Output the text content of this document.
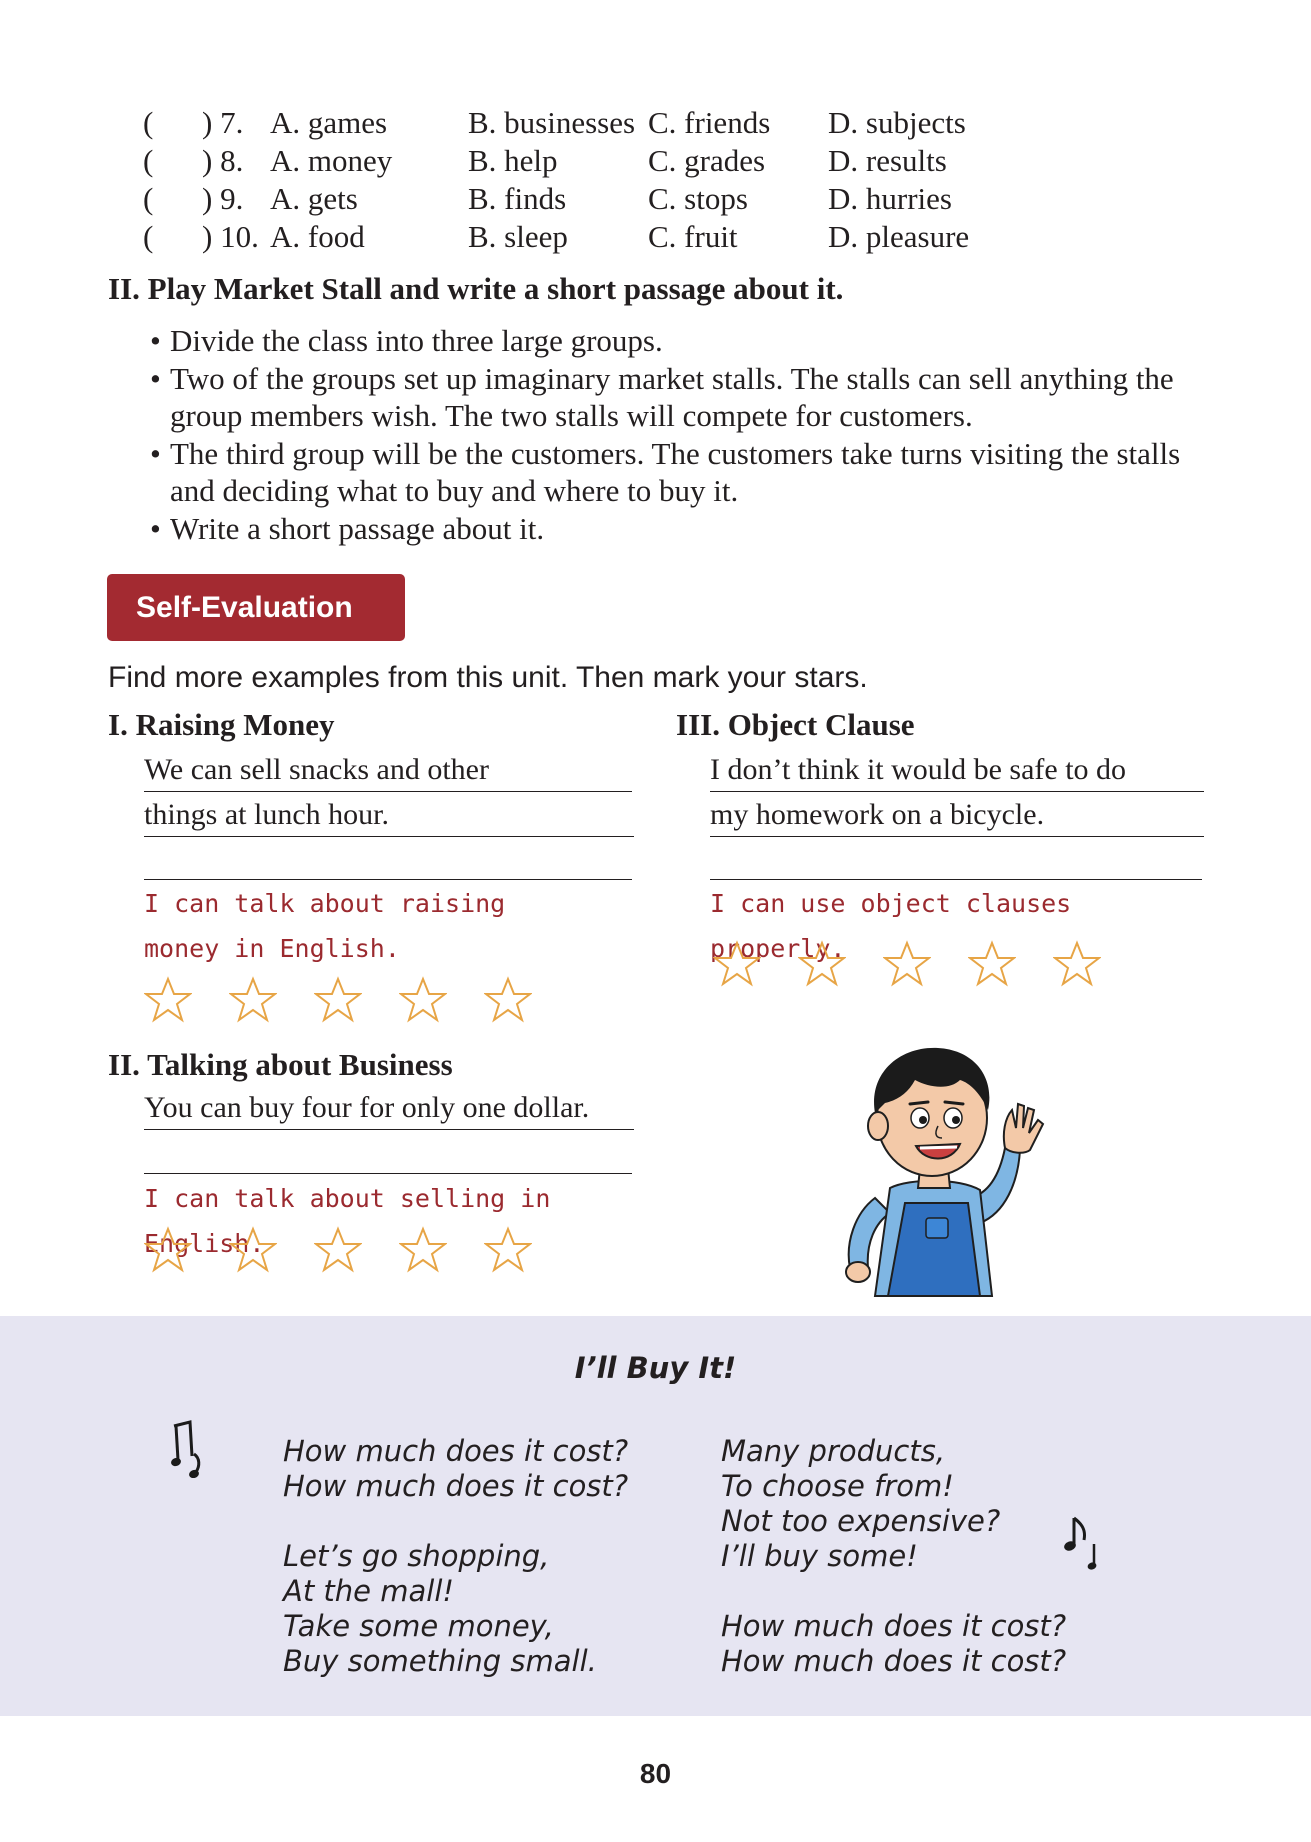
( ) 7. A. games	B. businesses C. friends D. subjects
( ) 8. A. money B. help	C. grades D. results
( ) 9. A. gets	B. finds	C. stops	D. hurries
( ) 10. A. food	B. sleep	C. fruit	D. pleasure
II. Play Market Stall and write a short passage about it.
• Divide the class into three large groups.
• Two of the groups set up imaginary market stalls. The stalls can sell anything the group members wish. The two stalls will compete for customers.
• The third group will be the customers. The customers take turns visiting the stalls and deciding what to buy and where to buy it.
• Write a short passage about it.
Self-Evaluation
Find more examples from this unit. Then mark your stars.
I. Raising Money
We can sell snacks and other
things at lunch hour.
I can talk about raising money in English.
II. Talking about Business
You can buy four for only one dollar.
I can talk about selling in English.
III. Object Clause
I don’t think it would be safe to do
my homework on a bicycle.
I can use object clauses properly.
I’ll Buy It!

How much does it cost?

How much does it cost?

Let’s go shopping,

At the mall!

Take some money,

Buy something small.

Many products,

To choose from!

Not too expensive?

I’ll buy some!

How much does it cost?

How much does it cost?

80
